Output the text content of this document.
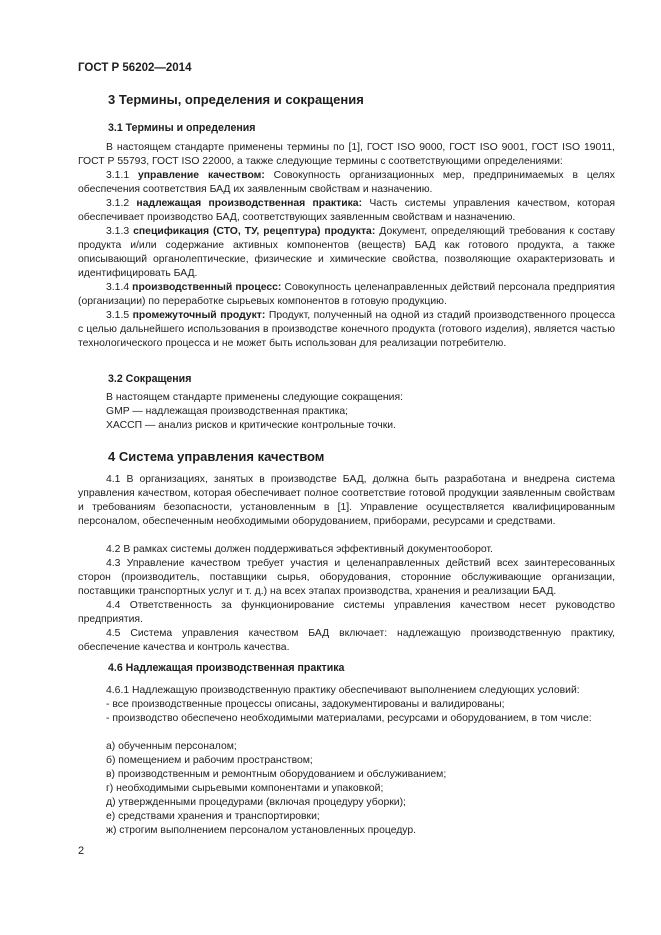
ГОСТ Р 56202—2014
3 Термины, определения и сокращения
3.1 Термины и определения
В настоящем стандарте применены термины по [1], ГОСТ ISO 9000, ГОСТ ISO 9001, ГОСТ ISO 19011, ГОСТ Р 55793, ГОСТ ISO 22000, а также следующие термины с соответствующими определениями:
3.1.1 управление качеством: Совокупность организационных мер, предпринимаемых в целях обеспечения соответствия БАД их заявленным свойствам и назначению.
3.1.2 надлежащая производственная практика: Часть системы управления качеством, которая обеспечивает производство БАД, соответствующих заявленным свойствам и назначению.
3.1.3 спецификация (СТО, ТУ, рецептура) продукта: Документ, определяющий требования к составу продукта и/или содержание активных компонентов (веществ) БАД как готового продукта, а также описывающий органолептические, физические и химические свойства, позволяющие охарактеризовать и идентифицировать БАД.
3.1.4 производственный процесс: Совокупность целенаправленных действий персонала предприятия (организации) по переработке сырьевых компонентов в готовую продукцию.
3.1.5 промежуточный продукт: Продукт, полученный на одной из стадий производственного процесса с целью дальнейшего использования в производстве конечного продукта (готового изделия), является частью технологического процесса и не может быть использован для реализации потребителю.
3.2 Сокращения
В настоящем стандарте применены следующие сокращения:
GMP — надлежащая производственная практика;
ХАССП — анализ рисков и критические контрольные точки.
4 Система управления качеством
4.1 В организациях, занятых в производстве БАД, должна быть разработана и внедрена система управления качеством, которая обеспечивает полное соответствие готовой продукции заявленным свойствам и требованиям безопасности, установленным в [1]. Управление осуществляется квалифицированным персоналом, обеспеченным необходимыми оборудованием, приборами, ресурсами и средствами.
4.2 В рамках системы должен поддерживаться эффективный документооборот.
4.3 Управление качеством требует участия и целенаправленных действий всех заинтересованных сторон (производитель, поставщики сырья, оборудования, сторонние обслуживающие организации, поставщики транспортных услуг и т. д.) на всех этапах производства, хранения и реализации БАД.
4.4 Ответственность за функционирование системы управления качеством несет руководство предприятия.
4.5 Система управления качеством БАД включает: надлежащую производственную практику, обеспечение качества и контроль качества.
4.6 Надлежащая производственная практика
4.6.1 Надлежащую производственную практику обеспечивают выполнением следующих условий:
- все производственные процессы описаны, задокументированы и валидированы;
- производство обеспечено необходимыми материалами, ресурсами и оборудованием, в том числе:
а) обученным персоналом;
б) помещением и рабочим пространством;
в) производственным и ремонтным оборудованием и обслуживанием;
г) необходимыми сырьевыми компонентами и упаковкой;
д) утвержденными процедурами (включая процедуру уборки);
е) средствами хранения и транспортировки;
ж) строгим выполнением персоналом установленных процедур.
2
